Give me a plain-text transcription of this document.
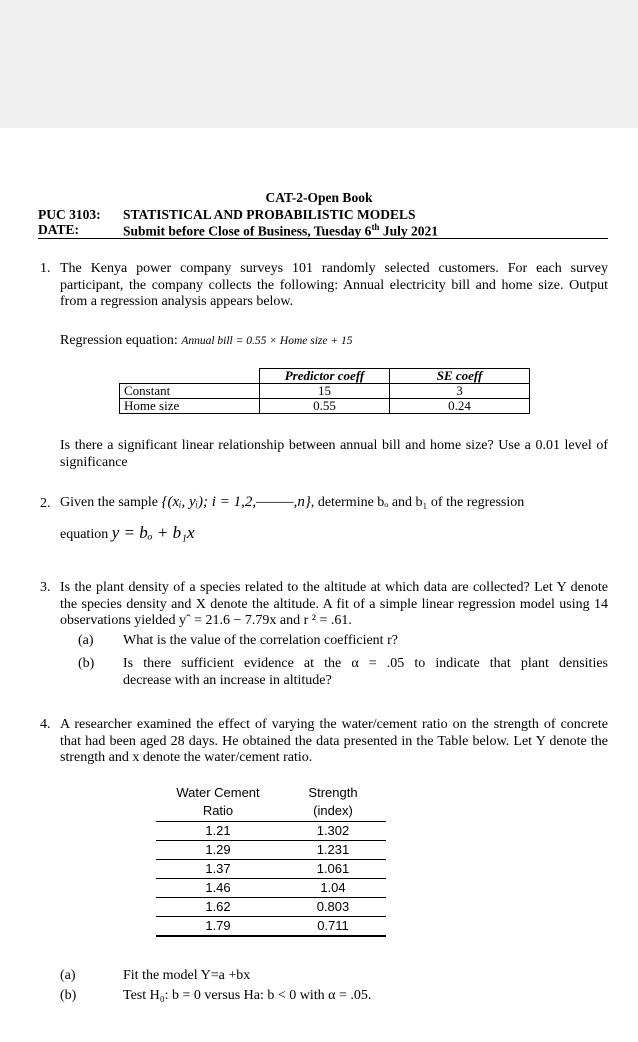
CAT-2-Open Book
PUC 3103: STATISTICAL AND PROBABILISTIC MODELS
DATE:	Submit before Close of Business, Tuesday 6th July 2021
1. The Kenya power company surveys 101 randomly selected customers. For each survey participant, the company collects the following: Annual electricity bill and home size. Output from a regression analysis appears below.
Regression equation: Annual bill = 0.55 × Home size + 15
	Predictor coeff	SE coeff
Constant	15	3
Home size	0.55	0.24
Is there a significant linear relationship between annual bill and home size? Use a 0.01 level of significance
2. Given the sample {(xᵢ, yᵢ); i = 1,2,–––––,n}, determine bₒ and b₁ of the regression
equation y = bₒ + b₁x
3. Is the plant density of a species related to the altitude at which data are collected? Let Y denote the species density and X denote the altitude. A fit of a simple linear regression model using 14 observations yielded yˆ = 21.6 − 7.79x and r ² = .61.
(a) What is the value of the correlation coefficient r?
(b) Is there sufficient evidence at the α = .05 to indicate that plant densities
decrease with an increase in altitude?
4. A researcher examined the effect of varying the water/cement ratio on the strength of concrete that had been aged 28 days. He obtained the data presented in the Table below. Let Y denote the strength and x denote the water/cement ratio.
Water Cement	Strength
Ratio	(index)
1.21	1.302
1.29	1.231
1.37	1.061
1.46	1.04
1.62	0.803
1.79	0.711
(a)	Fit the model Y=a +bx
(b)	Test H₀: b = 0 versus Ha: b < 0 with α = .05.
